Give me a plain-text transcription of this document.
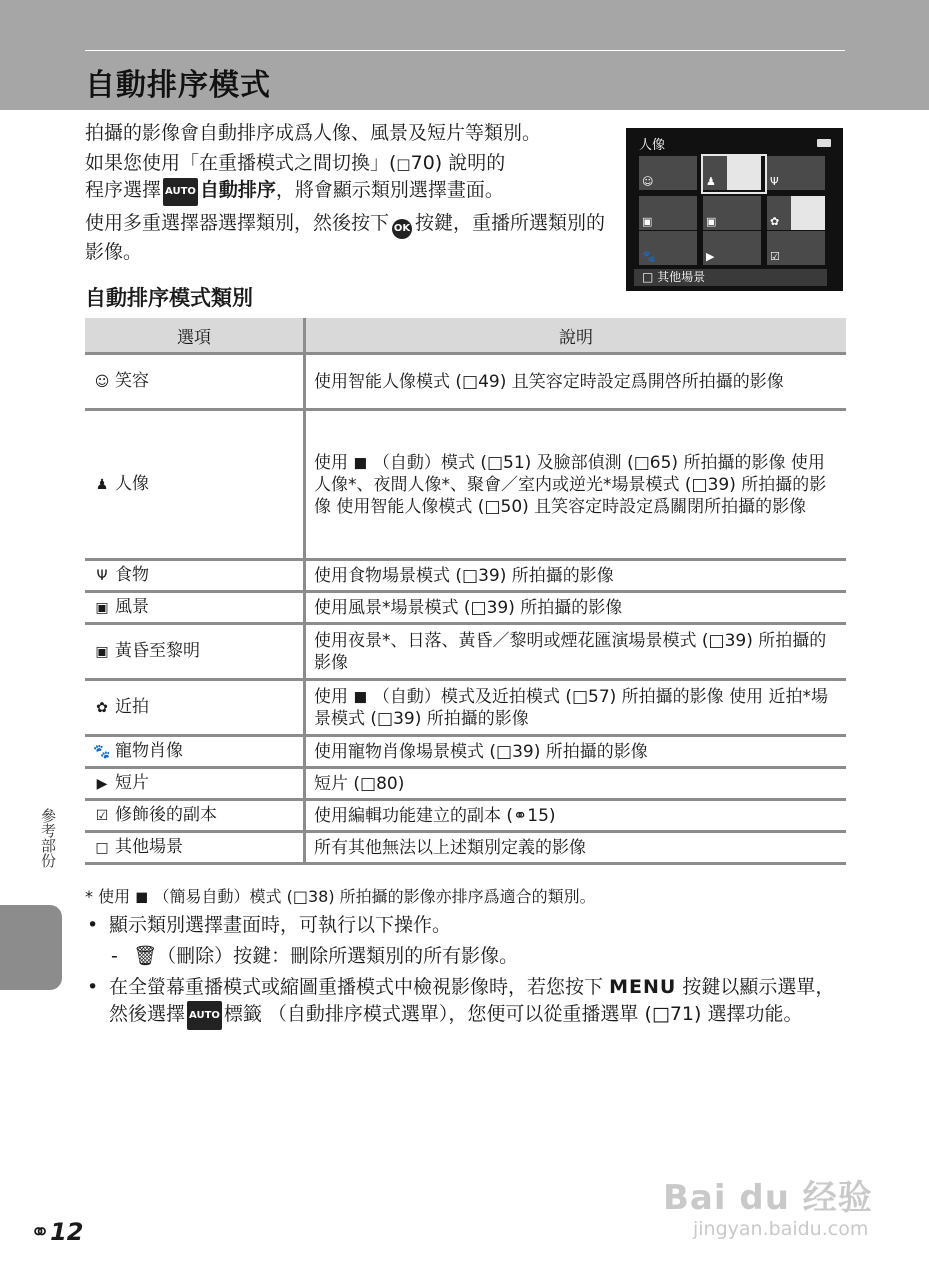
自動排序模式

拍攝的影像會自動排序成爲人像、風景及短片等類別。

如果您使用「在重播模式之間切換」(□70) 說明的
程序選擇 AUTO 自動排序，將會顯示類別選擇畫面。

使用多重選擇器選擇類別，然後按下 OK 按鍵，重播所選類別的影像。

人像
☺	♟	Ψ
▣	▣	✿
🐾	▶	☑
□ 其他場景
自動排序模式類別
選項	說明
☺ 笑容	使用智能人像模式 (□49) 且笑容定時設定爲開啓所拍攝的影像
♟ 人像	使用 ◼ （自動）模式 (□51) 及臉部偵測 (□65) 所拍攝的影像 使用人像*、夜間人像*、聚會／室内或逆光*場景模式 (□39) 所拍攝的影像 使用智能人像模式 (□50) 且笑容定時設定爲關閉所拍攝的影像
Ψ 食物	使用食物場景模式 (□39) 所拍攝的影像
▣ 風景	使用風景*場景模式 (□39) 所拍攝的影像
▣ 黃昏至黎明	使用夜景*、日落、黃昏／黎明或煙花匯演場景模式 (□39) 所拍攝的影像
✿ 近拍	使用 ◼ （自動）模式及近拍模式 (□57) 所拍攝的影像 使用 近拍*場景模式 (□39) 所拍攝的影像
🐾 寵物肖像	使用寵物肖像場景模式 (□39) 所拍攝的影像
▶ 短片	短片 (□80)
☑ 修飾後的副本	使用編輯功能建立的副本 (⚭15)
□ 其他場景	所有其他無法以上述類別定義的影像
* 使用 ◼ （簡易自動）模式 (□38) 所拍攝的影像亦排序爲適合的類別。
• 顯示類別選擇畫面時，可執行以下操作。
- 🗑（刪除）按鍵：刪除所選類別的所有影像。
• 在全螢幕重播模式或縮圖重播模式中檢視影像時，若您按下 MENU 按鍵以顯示選單，然後選擇 AUTO 標籤 （自動排序模式選單），您便可以從重播選單 (□71) 選擇功能。
參考部份
⚭12
Bai du 经验
jingyan.baidu.com
